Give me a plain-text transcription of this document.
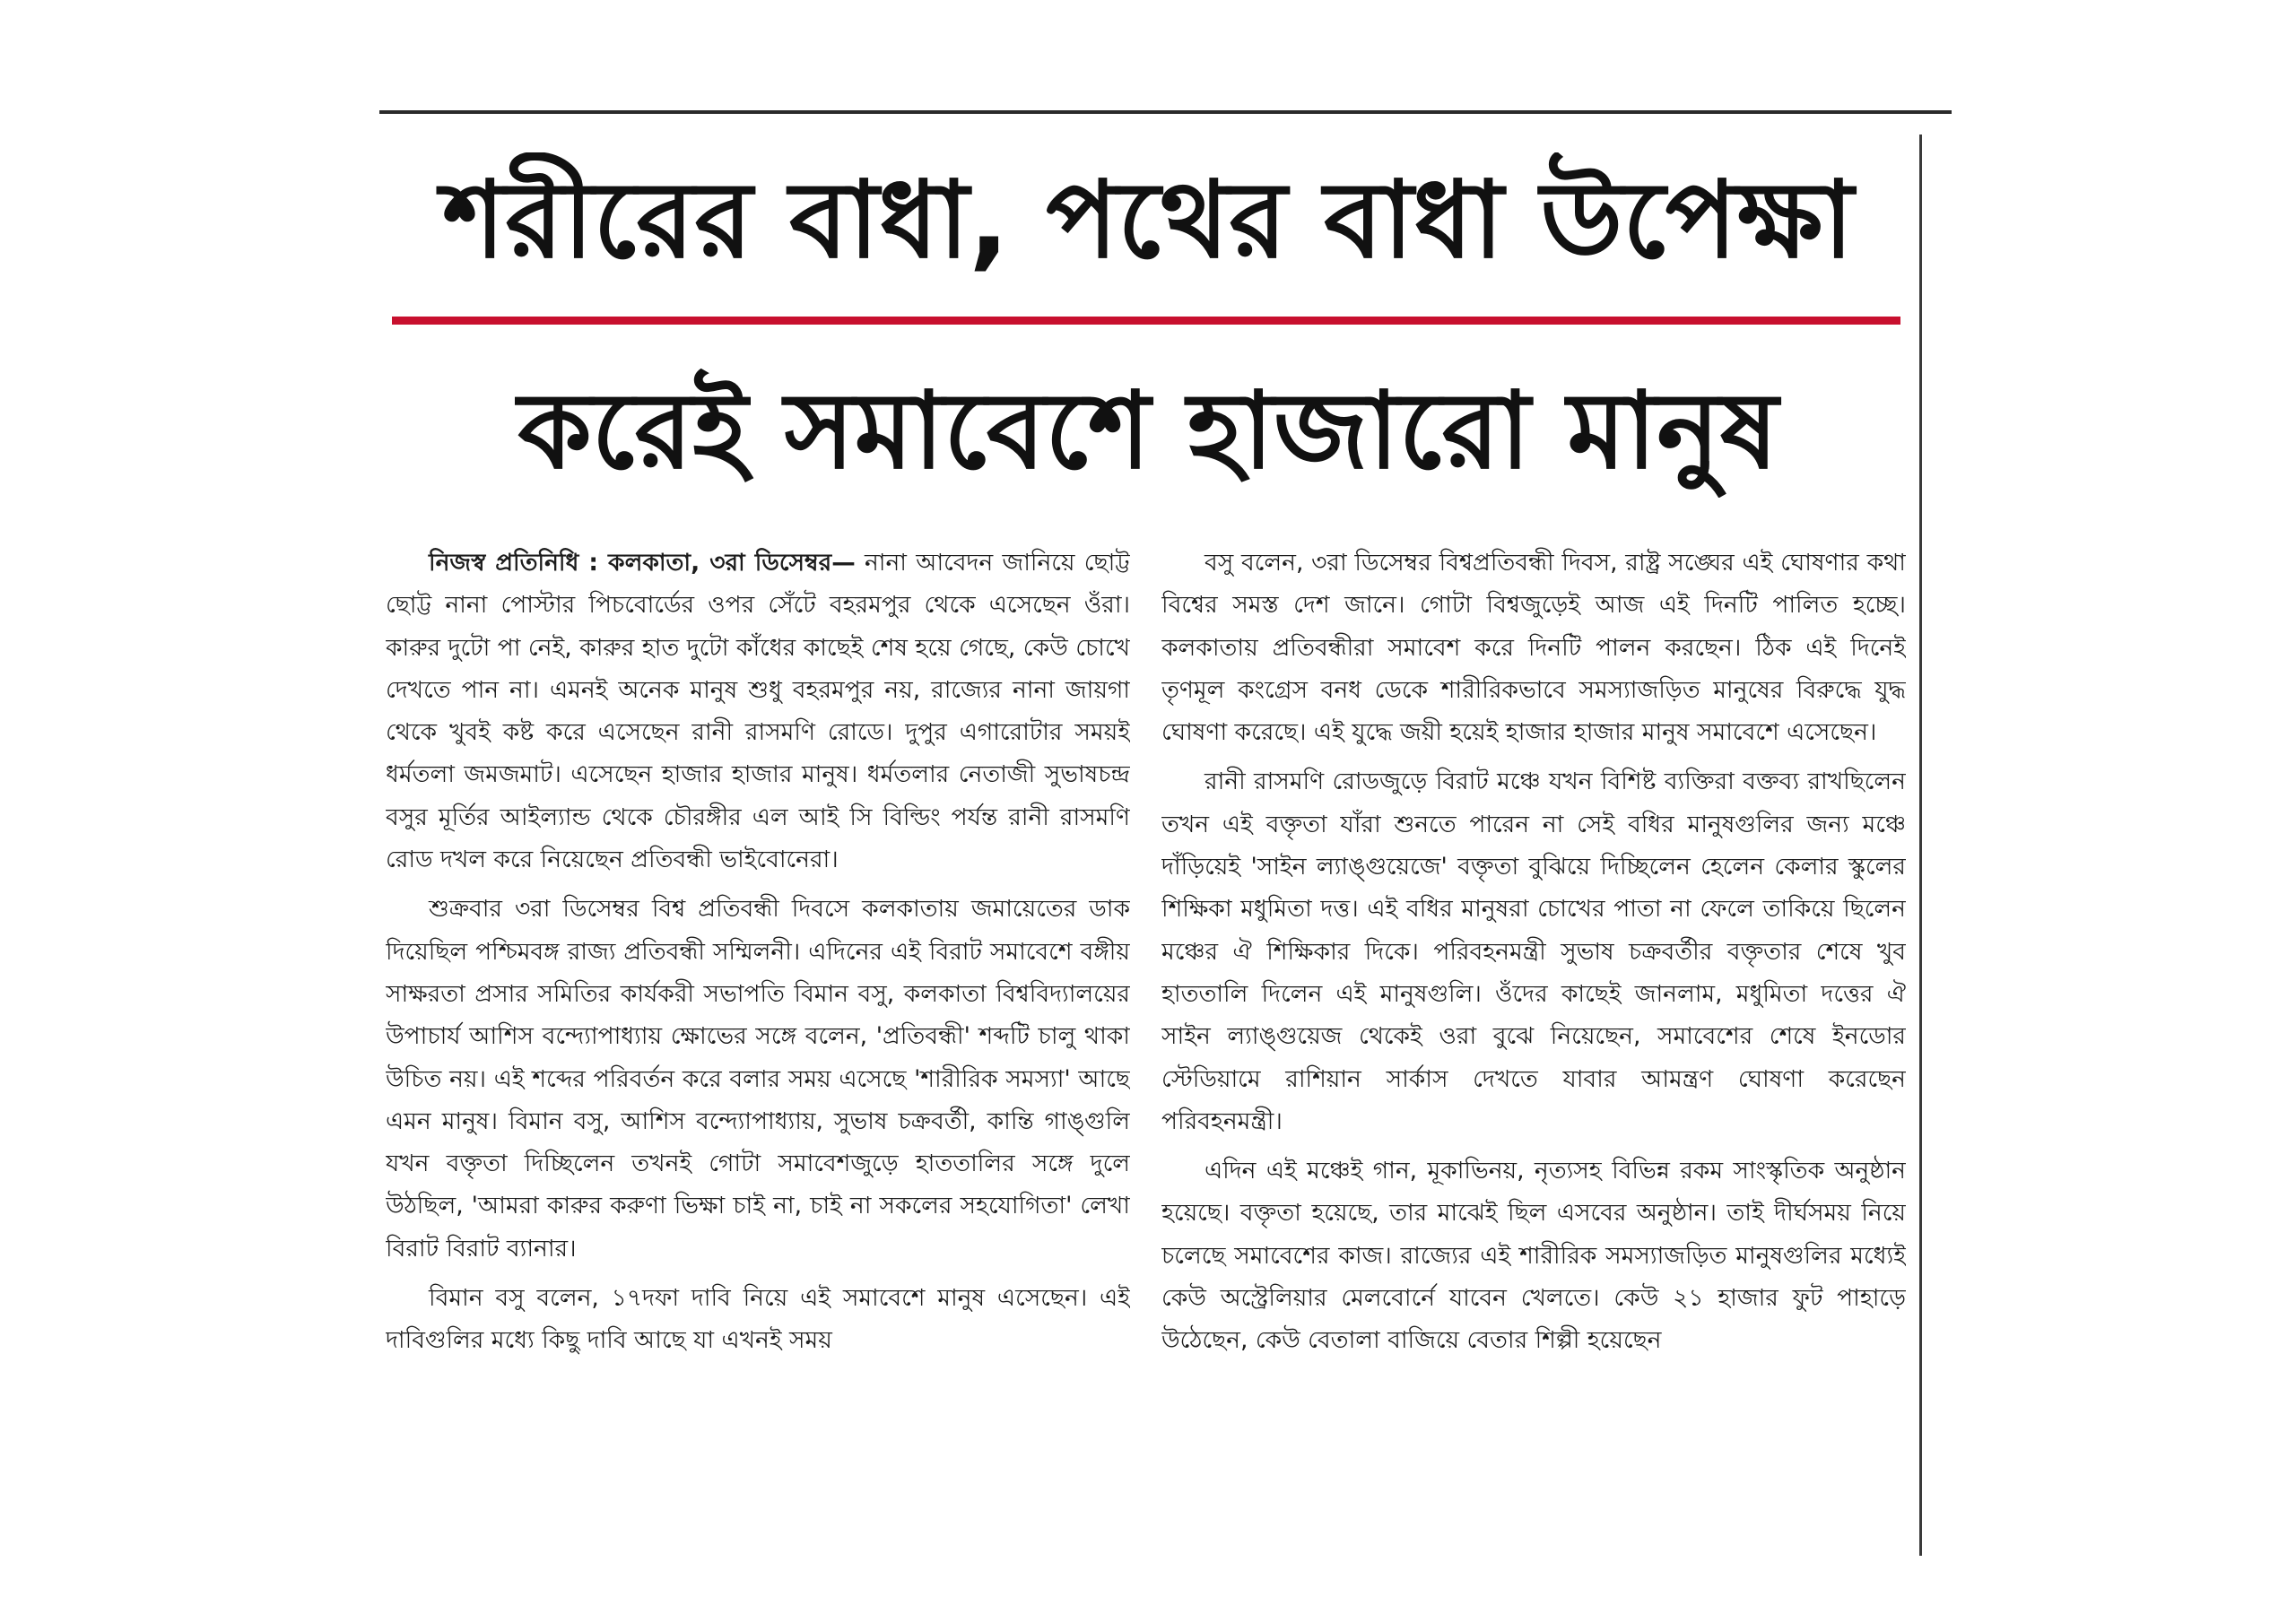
শরীরের বাধা, পথের বাধা উপেক্ষা
করেই সমাবেশে হাজারো মানুষ

নিজস্ব প্রতিনিধি : কলকাতা, ৩রা ডিসেম্বর— নানা আবেদন জানিয়ে ছোট্ট ছোট্ট নানা পোস্টার পিচবোর্ডের ওপর সেঁটে বহরমপুর থেকে এসেছেন ওঁরা। কারুর দুটো পা নেই, কারুর হাত দুটো কাঁধের কাছেই শেষ হয়ে গেছে, কেউ চোখে দেখতে পান না। এমনই অনেক মানুষ শুধু বহরমপুর নয়, রাজ্যের নানা জায়গা থেকে খুবই কষ্ট করে এসেছেন রানী রাসমণি রোডে। দুপুর এগারোটার সময়ই ধর্মতলা জমজমাট। এসেছেন হাজার হাজার মানুষ। ধর্মতলার নেতাজী সুভাষচন্দ্র বসুর মূর্তির আইল্যান্ড থেকে চৌরঙ্গীর এল আই সি বিল্ডিং পর্যন্ত রানী রাসমণি রোড দখল করে নিয়েছেন প্রতিবন্ধী ভাইবোনেরা।

শুক্রবার ৩রা ডিসেম্বর বিশ্ব প্রতিবন্ধী দিবসে কলকাতায় জমায়েতের ডাক দিয়েছিল পশ্চিমবঙ্গ রাজ্য প্রতিবন্ধী সম্মিলনী। এদিনের এই বিরাট সমাবেশে বঙ্গীয় সাক্ষরতা প্রসার সমিতির কার্যকরী সভাপতি বিমান বসু, কলকাতা বিশ্ববিদ্যালয়ের উপাচার্য আশিস বন্দ্যোপাধ্যায় ক্ষোভের সঙ্গে বলেন, 'প্রতিবন্ধী' শব্দটি চালু থাকা উচিত নয়। এই শব্দের পরিবর্তন করে বলার সময় এসেছে 'শারীরিক সমস্যা' আছে এমন মানুষ। বিমান বসু, আশিস বন্দ্যোপাধ্যায়, সুভাষ চক্রবর্তী, কান্তি গাঙ্গুলি যখন বক্তৃতা দিচ্ছিলেন তখনই গোটা সমাবেশজুড়ে হাততালির সঙ্গে দুলে উঠছিল, 'আমরা কারুর করুণা ভিক্ষা চাই না, চাই না সকলের সহযোগিতা' লেখা বিরাট বিরাট ব্যানার।

বিমান বসু বলেন, ১৭দফা দাবি নিয়ে এই সমাবেশে মানুষ এসেছেন। এই দাবিগুলির মধ্যে কিছু দাবি আছে যা এখনই সময়

বসু বলেন, ৩রা ডিসেম্বর বিশ্বপ্রতিবন্ধী দিবস, রাষ্ট্র সঙ্ঘের এই ঘোষণার কথা বিশ্বের সমস্ত দেশ জানে। গোটা বিশ্বজুড়েই আজ এই দিনটি পালিত হচ্ছে। কলকাতায় প্রতিবন্ধীরা সমাবেশ করে দিনটি পালন করছেন। ঠিক এই দিনেই তৃণমূল কংগ্রেস বনধ ডেকে শারীরিকভাবে সমস্যাজড়িত মানুষের বিরুদ্ধে যুদ্ধ ঘোষণা করেছে। এই যুদ্ধে জয়ী হয়েই হাজার হাজার মানুষ সমাবেশে এসেছেন।

রানী রাসমণি রোডজুড়ে বিরাট মঞ্চে যখন বিশিষ্ট ব্যক্তিরা বক্তব্য রাখছিলেন তখন এই বক্তৃতা যাঁরা শুনতে পারেন না সেই বধির মানুষগুলির জন্য মঞ্চে দাঁড়িয়েই 'সাইন ল্যাঙ্গুয়েজে' বক্তৃতা বুঝিয়ে দিচ্ছিলেন হেলেন কেলার স্কুলের শিক্ষিকা মধুমিতা দত্ত। এই বধির মানুষরা চোখের পাতা না ফেলে তাকিয়ে ছিলেন মঞ্চের ঐ শিক্ষিকার দিকে। পরিবহনমন্ত্রী সুভাষ চক্রবর্তীর বক্তৃতার শেষে খুব হাততালি দিলেন এই মানুষগুলি। ওঁদের কাছেই জানলাম, মধুমিতা দত্তের ঐ সাইন ল্যাঙ্গুয়েজ থেকেই ওরা বুঝে নিয়েছেন, সমাবেশের শেষে ইনডোর স্টেডিয়ামে রাশিয়ান সার্কাস দেখতে যাবার আমন্ত্রণ ঘোষণা করেছেন পরিবহনমন্ত্রী।

এদিন এই মঞ্চেই গান, মূকাভিনয়, নৃত্যসহ বিভিন্ন রকম সাংস্কৃতিক অনুষ্ঠান হয়েছে। বক্তৃতা হয়েছে, তার মাঝেই ছিল এসবের অনুষ্ঠান। তাই দীর্ঘসময় নিয়ে চলেছে সমাবেশের কাজ। রাজ্যের এই শারীরিক সমস্যাজড়িত মানুষগুলির মধ্যেই কেউ অস্ট্রেলিয়ার মেলবোর্নে যাবেন খেলতে। কেউ ২১ হাজার ফুট পাহাড়ে উঠেছেন, কেউ বেতালা বাজিয়ে বেতার শিল্পী হয়েছেন
